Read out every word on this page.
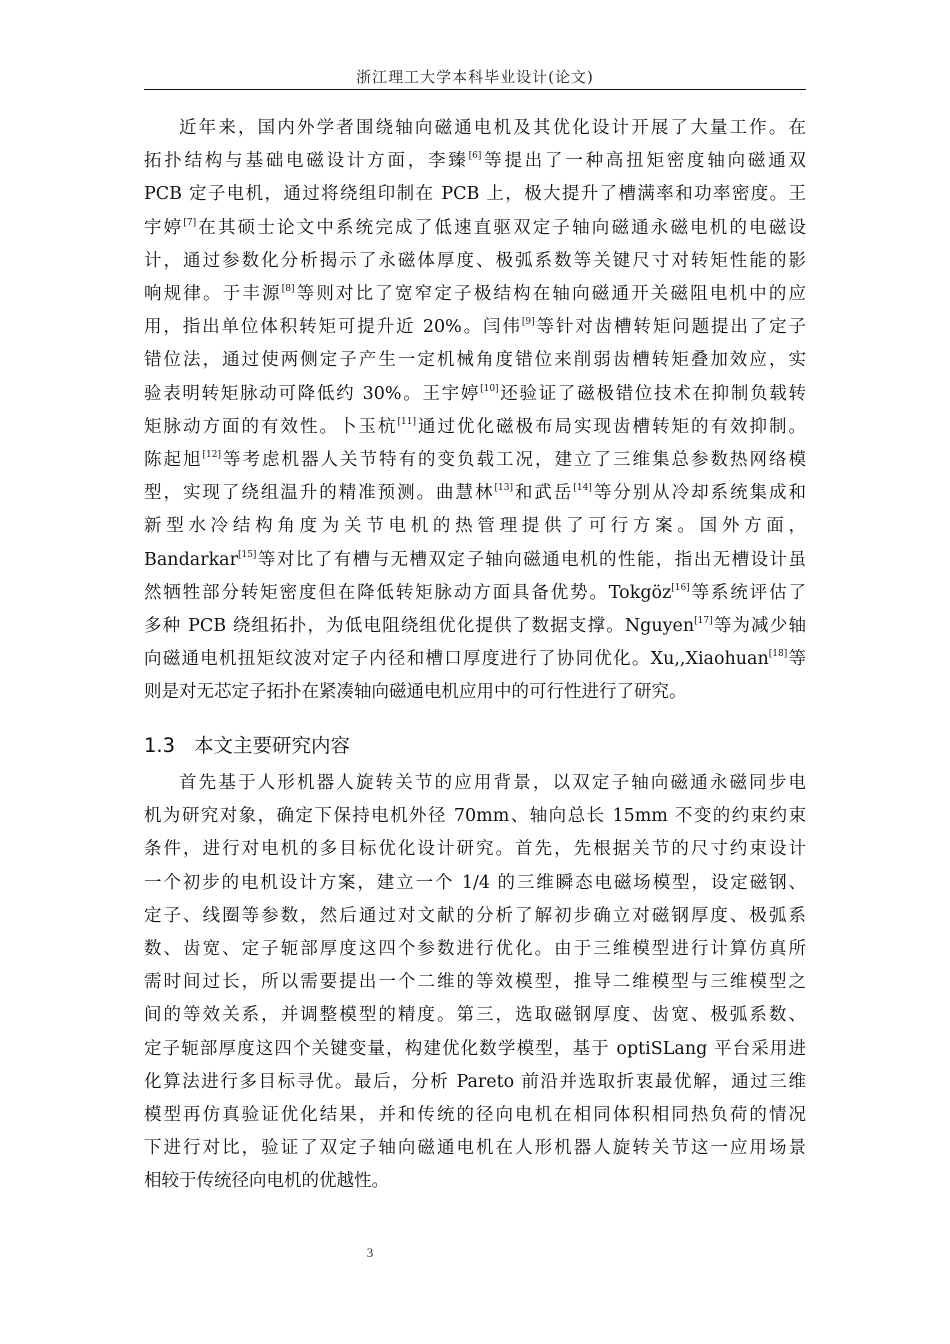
浙江理工大学本科毕业设计(论文)
近年来，国内外学者围绕轴向磁通电机及其优化设计开展了大量工作。在
拓扑结构与基础电磁设计方面，李臻[6]等提出了一种高扭矩密度轴向磁通双
PCB 定子电机，通过将绕组印制在 PCB 上，极大提升了槽满率和功率密度。王
宇婷[7]在其硕士论文中系统完成了低速直驱双定子轴向磁通永磁电机的电磁设
计，通过参数化分析揭示了永磁体厚度、极弧系数等关键尺寸对转矩性能的影
响规律。于丰源[8]等则对比了宽窄定子极结构在轴向磁通开关磁阻电机中的应
用，指出单位体积转矩可提升近 20%。闫伟[9]等针对齿槽转矩问题提出了定子
错位法，通过使两侧定子产生一定机械角度错位来削弱齿槽转矩叠加效应，实
验表明转矩脉动可降低约 30%。王宇婷[10]还验证了磁极错位技术在抑制负载转
矩脉动方面的有效性。卜玉杭[11]通过优化磁极布局实现齿槽转矩的有效抑制。
陈起旭[12]等考虑机器人关节特有的变负载工况，建立了三维集总参数热网络模
型，实现了绕组温升的精准预测。曲慧林[13]和武岳[14]等分别从冷却系统集成和
新型水冷结构角度为关节电机的热管理提供了可行方案。国外方面，
Bandarkar[15]等对比了有槽与无槽双定子轴向磁通电机的性能，指出无槽设计虽
然牺牲部分转矩密度但在降低转矩脉动方面具备优势。Tokgöz[16]等系统评估了
多种 PCB 绕组拓扑，为低电阻绕组优化提供了数据支撑。Nguyen[17]等为减少轴
向磁通电机扭矩纹波对定子内径和槽口厚度进行了协同优化。Xu,,Xiaohuan[18]等
则是对无芯定子拓扑在紧凑轴向磁通电机应用中的可行性进行了研究。
1.3 本文主要研究内容
首先基于人形机器人旋转关节的应用背景，以双定子轴向磁通永磁同步电
机为研究对象，确定下保持电机外径 70mm、轴向总长 15mm 不变的约束约束
条件，进行对电机的多目标优化设计研究。首先，先根据关节的尺寸约束设计
一个初步的电机设计方案，建立一个 1/4 的三维瞬态电磁场模型，设定磁钢、
定子、线圈等参数，然后通过对文献的分析了解初步确立对磁钢厚度、极弧系
数、齿宽、定子轭部厚度这四个参数进行优化。由于三维模型进行计算仿真所
需时间过长，所以需要提出一个二维的等效模型，推导二维模型与三维模型之
间的等效关系，并调整模型的精度。第三，选取磁钢厚度、齿宽、极弧系数、
定子轭部厚度这四个关键变量，构建优化数学模型，基于 optiSLang 平台采用进
化算法进行多目标寻优。最后，分析 Pareto 前沿并选取折衷最优解，通过三维
模型再仿真验证优化结果，并和传统的径向电机在相同体积相同热负荷的情况
下进行对比，验证了双定子轴向磁通电机在人形机器人旋转关节这一应用场景
相较于传统径向电机的优越性。
3
